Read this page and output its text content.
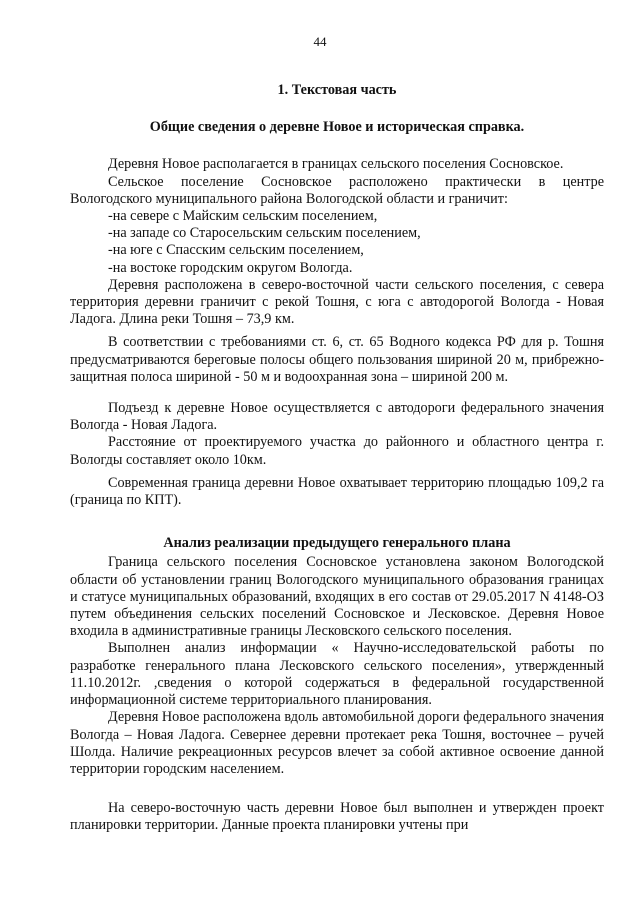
44
1. Текстовая часть
Общие сведения о деревне Новое и историческая справка.

Деревня Новое располагается в границах сельского поселения Сосновское.

Сельское поселение Сосновское расположено практически в центре Вологодского муниципального района Вологодской области и граничит:

-на севере с Майским сельским поселением,
-на западе со Старосельским сельским поселением,
-на юге с Спасским сельским поселением,
-на востоке городским округом Вологда.

Деревня расположена в северо-восточной части сельского поселения, с севера территория деревни граничит с рекой Тошня, с юга с автодорогой Вологда - Новая Ладога. Длина реки Тошня – 73,9 км.

В соответствии с требованиями ст. 6, ст. 65 Водного кодекса РФ для р. Тошня предусматриваются береговые полосы общего пользования шириной 20 м, прибрежно-защитная полоса шириной - 50 м и водоохранная зона – шириной 200 м.

Подъезд к деревне Новое осуществляется с автодороги федерального значения Вологда - Новая Ладога.

Расстояние от проектируемого участка до районного и областного центра г. Вологды составляет около 10км.

Современная граница деревни Новое охватывает территорию площадью 109,2 га (граница по КПТ).

Анализ реализации предыдущего генерального плана

Граница сельского поселения Сосновское установлена законом Вологодской области об установлении границ Вологодского муниципального образования границах и статусе муниципальных образований, входящих в его состав от 29.05.2017 N 4148-ОЗ путем объединения сельских поселений Сосновское и Лесковское. Деревня Новое входила в административные границы Лесковского сельского поселения.

Выполнен анализ информации « Научно-исследовательской работы по разработке генерального плана Лесковского сельского поселения», утвержденный 11.10.2012г. ,сведения о которой содержаться в федеральной государственной информационной системе территориального планирования.

Деревня Новое расположена вдоль автомобильной дороги федерального значения Вологда – Новая Ладога. Севернее деревни протекает река Тошня, восточнее – ручей Шолда. Наличие рекреационных ресурсов влечет за собой активное освоение данной территории городским населением.

На северо-восточную часть деревни Новое был выполнен и утвержден проект планировки территории. Данные проекта планировки учтены при
